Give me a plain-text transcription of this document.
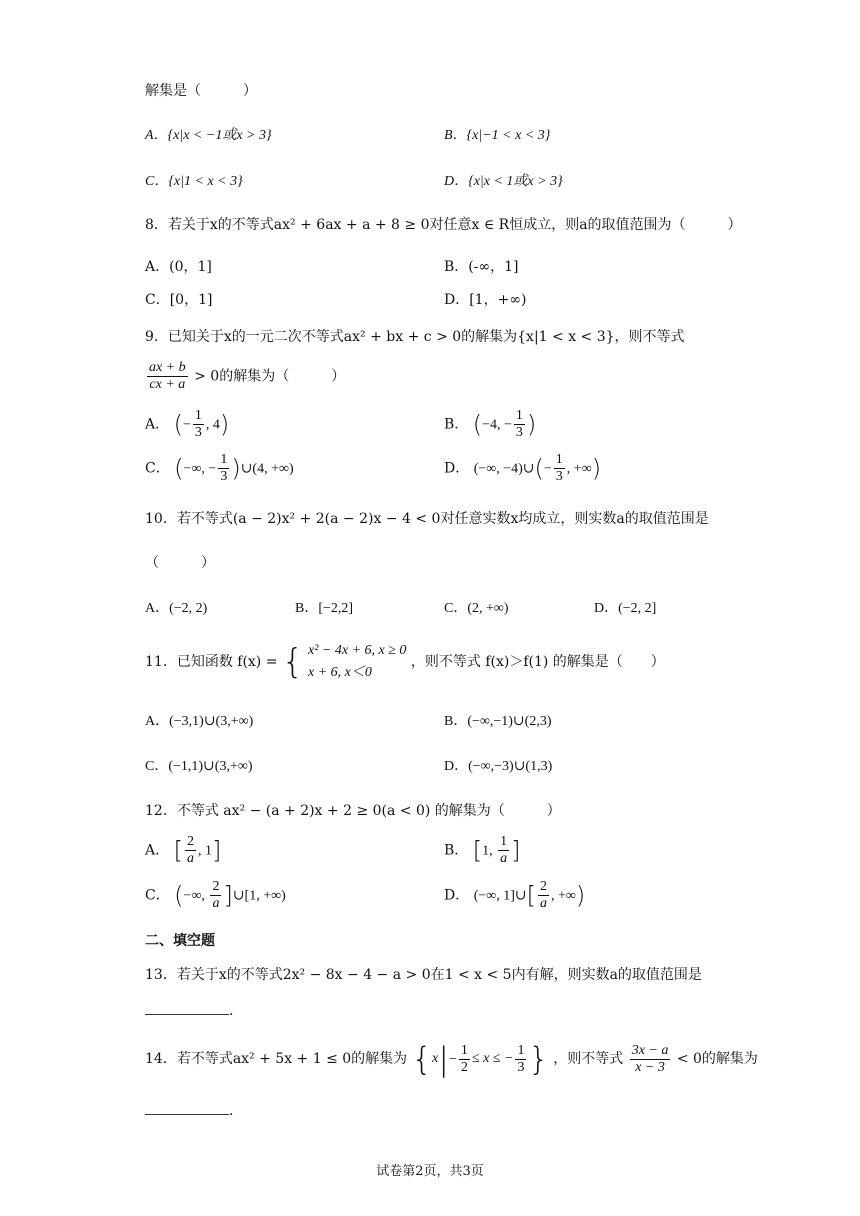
解集是（　　　）
A．{x|x < −1或x > 3}	B．{x|−1 < x < 3}
C．{x|1 < x < 3}	D．{x|x < 1或x > 3}
8．若关于x的不等式ax² + 6ax + a + 8 ≥ 0对任意x ∈ R恒成立，则a的取值范围为（　　　）
A．(0，1]	B．(-∞，1]
C．[0，1]	D．[1，+∞)
9．已知关于x的一元二次不等式ax² + bx + c > 0的解集为{x|1 < x < 3}，则不等式
$\frac{ax + b}{cx + a} > 0$的解集为（　　　）
A． (− $\frac{1}{3}$ , 4)	B． (−4, − $\frac{1}{3}$ )
C． (−∞, − $\frac{1}{3}$ )∪(4, +∞)	D． (−∞, −4)∪(− $\frac{1}{3}$ , +∞)
10．若不等式(a − 2)x² + 2(a − 2)x − 4 < 0对任意实数x均成立，则实数a的取值范围是
（　　　）
A．(−2, 2)	B．[−2,2]	C．(2, +∞)	D．(−2, 2]
11．已知函数 f(x) = { x² − 4x + 6, x ≥ 0
x + 6, x＜0
，则不等式 f(x)＞f(1) 的解集是（　　）
A．(−3,1)∪(3,+∞)	B．(−∞,−1)∪(2,3)
C．(−1,1)∪(3,+∞)	D．(−∞,−3)∪(1,3)
12．不等式 ax² − (a + 2)x + 2 ≥ 0(a < 0) 的解集为（　　　）
A． [ $\frac{2}{a}$ , 1]	B． [1, $\frac{1}{a}$ ]
C． (−∞, $\frac{2}{a}$ ]∪[1, +∞)	D． (−∞, 1]∪[ $\frac{2}{a}$ , +∞)
二、填空题
13．若关于x的不等式2x² − 8x − 4 − a > 0在1 < x < 5内有解，则实数a的取值范围是
.
14．若不等式ax² + 5x + 1 ≤ 0的解集为 {$x|- \frac{1}{2} \le x$ ≤ − $\frac{1}{3}$ } ，则不等式 $\frac{3x - a}{x - 3} < 0$的解集为
.
试卷第2页，共3页
